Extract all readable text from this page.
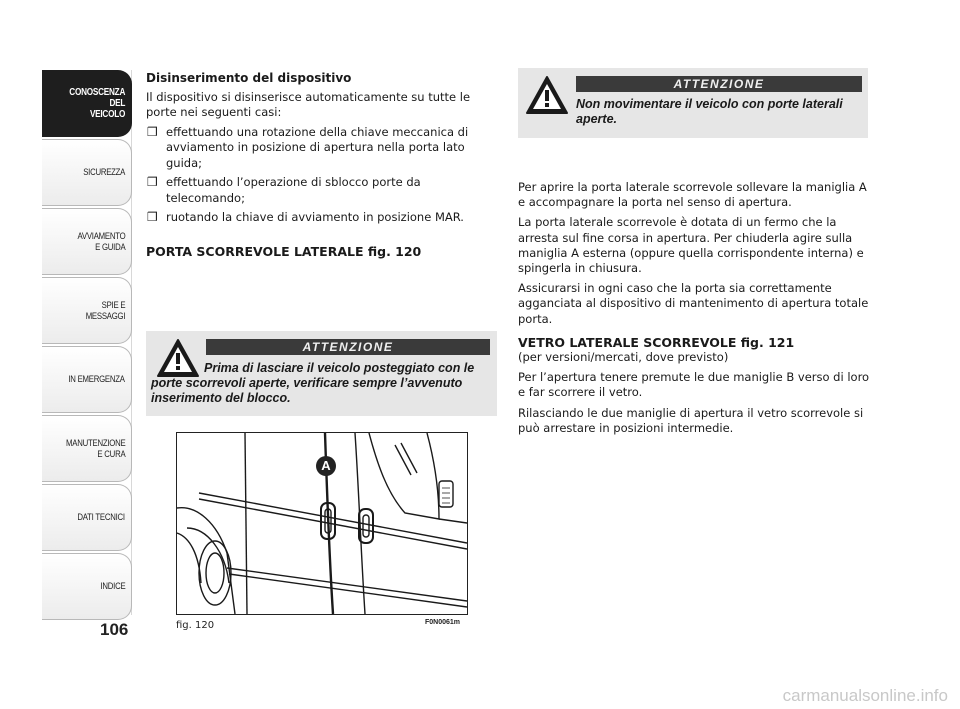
CONOSCENZA
DEL
VEICOLO
SICUREZZA
AVVIAMENTO
E GUIDA
SPIE E
MESSAGGI
IN EMERGENZA
MANUTENZIONE
E CURA
DATI TECNICI
INDICE
106
Disinserimento del dispositivo

Il dispositivo si disinserisce automaticamente su tutte le porte nei seguenti casi:

❒ effettuando una rotazione della chiave meccanica di avviamento in posizione di apertura nella porta lato guida;
❒ effettuando l’operazione di sblocco porte da telecomando;
❒ ruotando la chiave di avviamento in posizione MAR.
PORTA SCORREVOLE LATERALE fig. 120
ATTENZIONE
Prima di lasciare il veicolo posteggiato con le porte scorrevoli aperte, verificare sempre l’avvenuto inserimento del blocco.
ATTENZIONE
Non movimentare il veicolo con porte laterali aperte.
A
fig. 120	F0N0061m

Per aprire la porta laterale scorrevole sollevare la maniglia A e accompagnare la porta nel senso di apertura.

La porta laterale scorrevole è dotata di un fermo che la arresta sul fine corsa in apertura. Per chiuderla agire sulla maniglia A esterna (oppure quella corrispondente interna) e spingerla in chiusura.

Assicurarsi in ogni caso che la porta sia correttamente agganciata al dispositivo di mantenimento di apertura totale porta.

VETRO LATERALE SCORREVOLE fig. 121

(per versioni/mercati, dove previsto)

Per l’apertura tenere premute le due maniglie B verso di loro e far scorrere il vetro.

Rilasciando le due maniglie di apertura il vetro scorrevole si può arrestare in posizioni intermedie.

carmanualsonline.info
